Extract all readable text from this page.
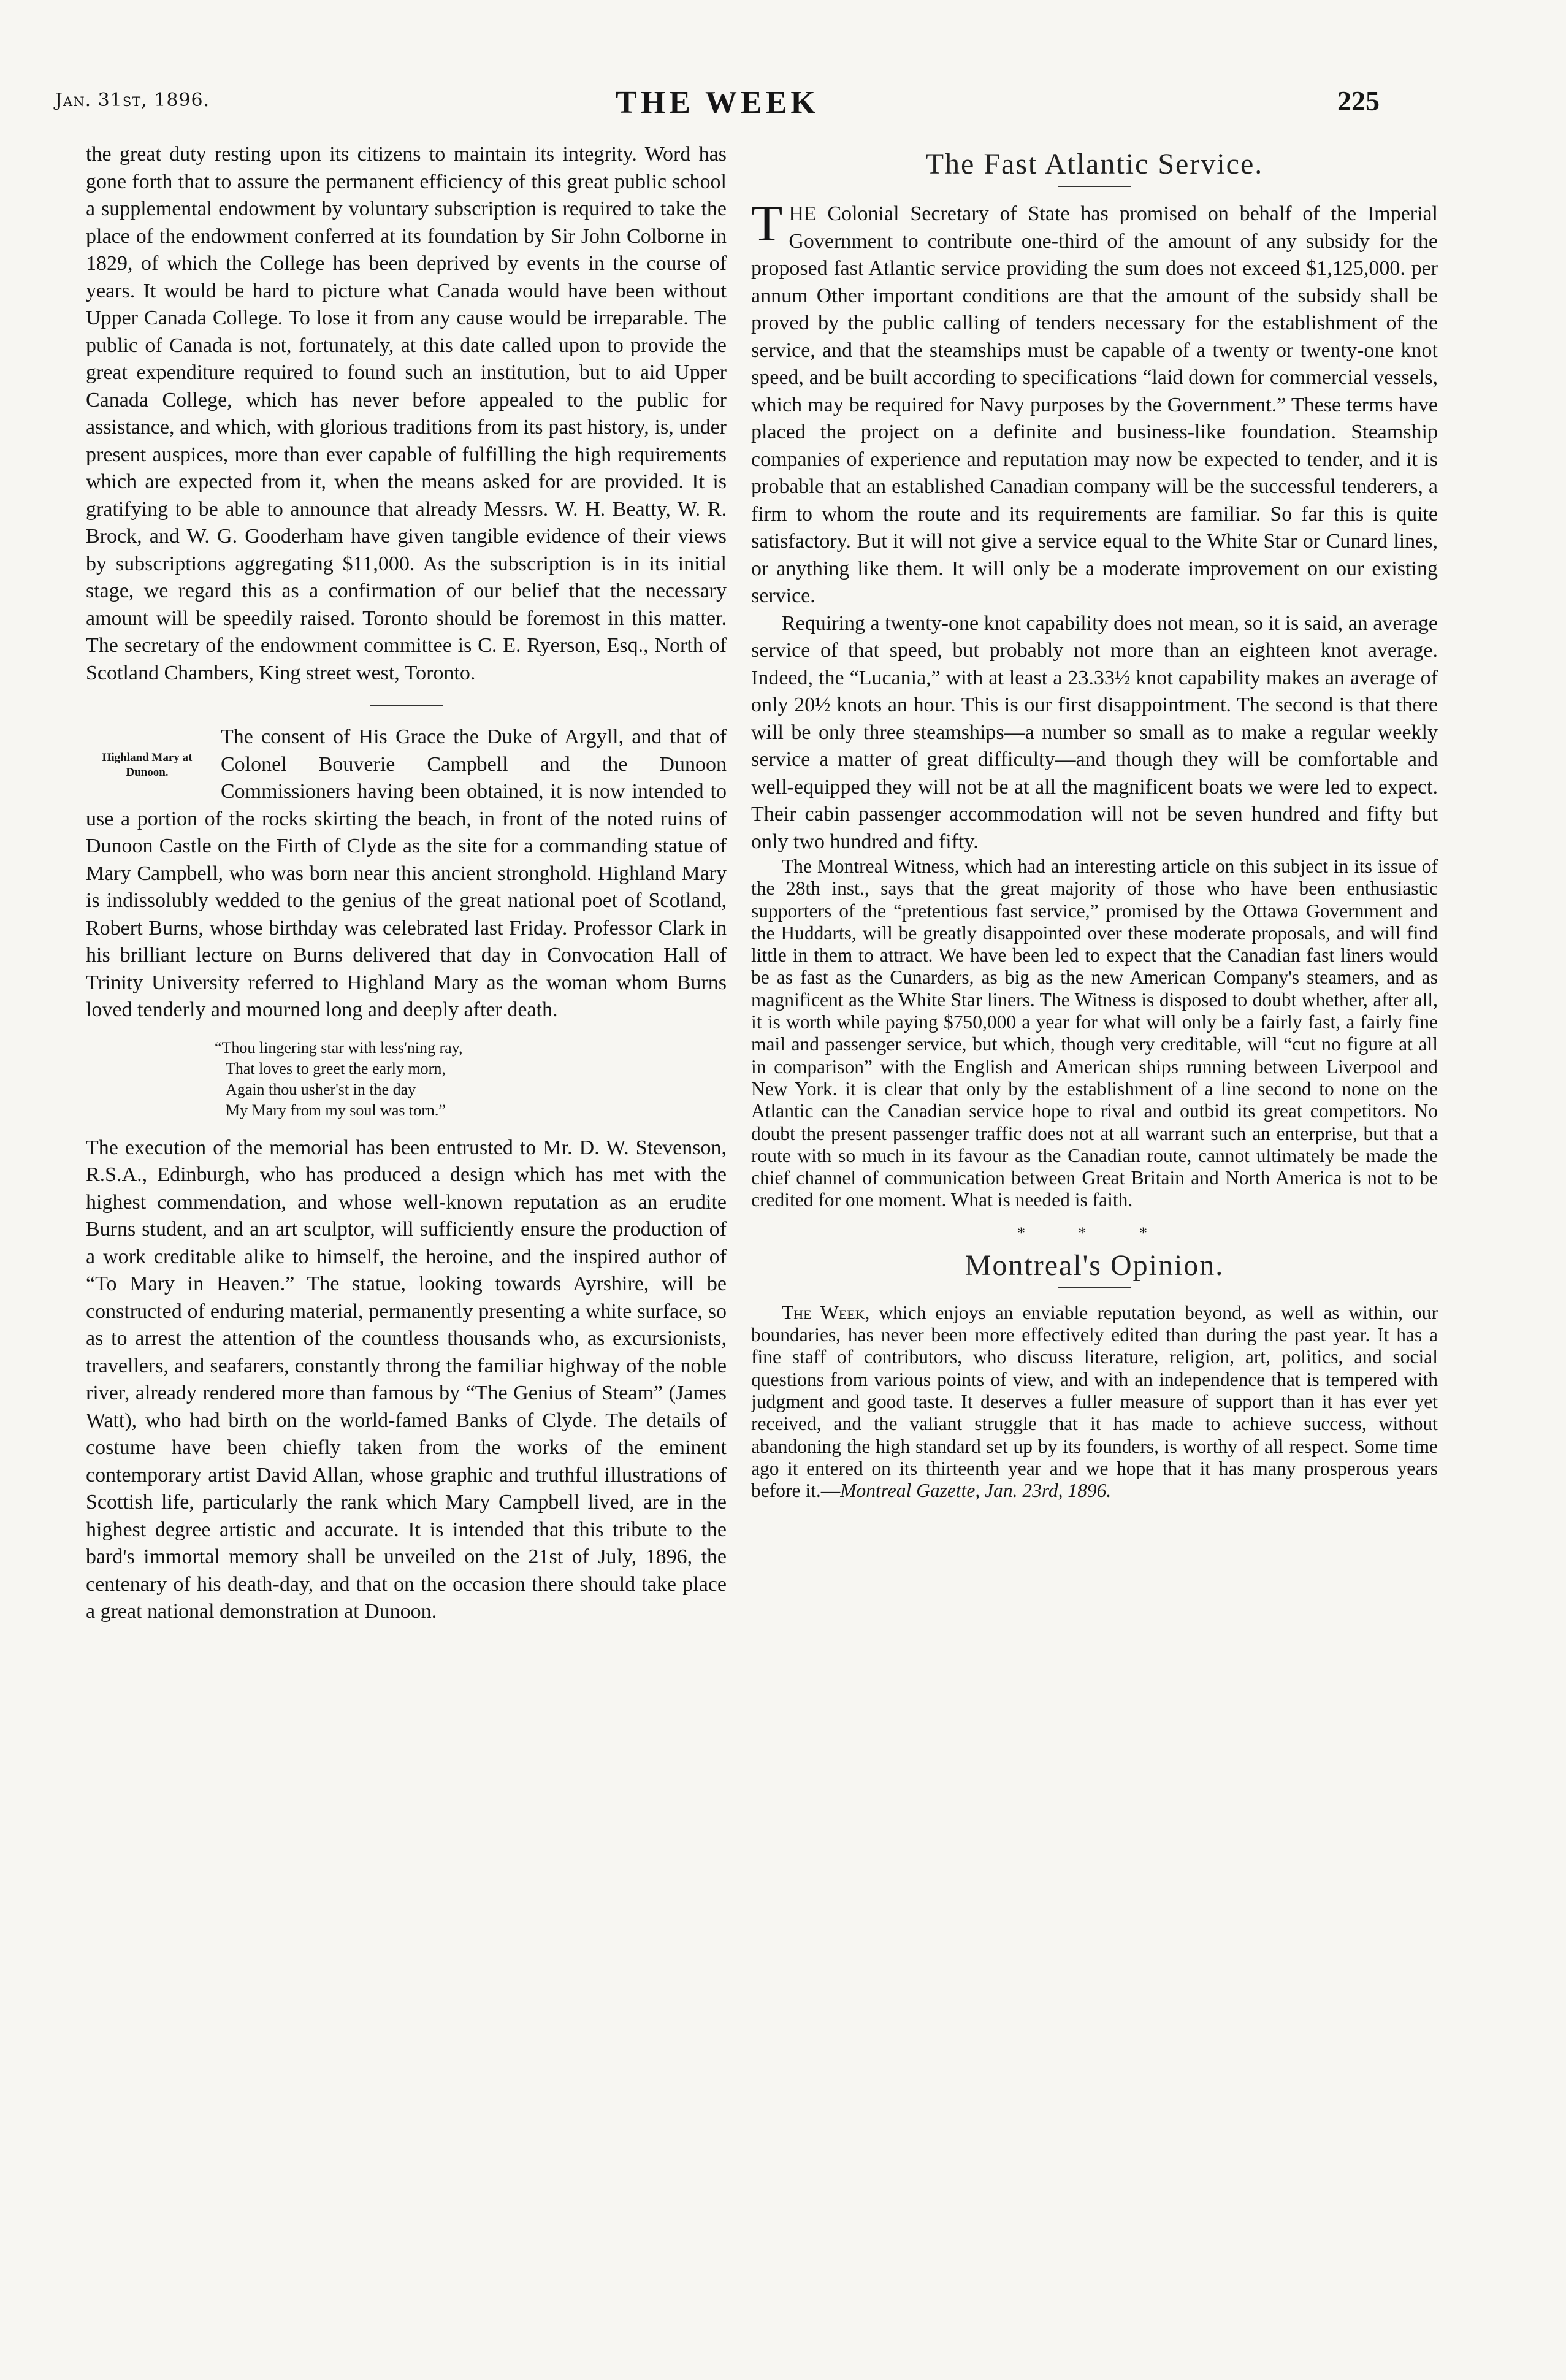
Jan. 31st, 1896.	THE WEEK	225

the great duty resting upon its citizens to maintain its integrity. Word has gone forth that to assure the permanent efficiency of this great public school a supplemental endowment by voluntary subscription is required to take the place of the endowment conferred at its foundation by Sir John Colborne in 1829, of which the College has been deprived by events in the course of years. It would be hard to picture what Canada would have been without Upper Canada College. To lose it from any cause would be irreparable. The public of Canada is not, fortunately, at this date called upon to provide the great expenditure required to found such an institution, but to aid Upper Canada College, which has never before appealed to the public for assistance, and which, with glorious traditions from its past history, is, under present auspices, more than ever capable of fulfilling the high requirements which are expected from it, when the means asked for are provided. It is gratifying to be able to announce that already Messrs. W. H. Beatty, W. R. Brock, and W. G. Gooderham have given tangible evidence of their views by subscriptions aggregating $11,000. As the subscription is in its initial stage, we regard this as a confirmation of our belief that the necessary amount will be speedily raised. Toronto should be foremost in this matter. The secretary of the endowment committee is C. E. Ryerson, Esq., North of Scotland Chambers, King street west, Toronto.

Highland Mary at Dunoon.

The consent of His Grace the Duke of Argyll, and that of Colonel Bouverie Campbell and the Dunoon Commissioners having been obtained, it is now intended to use a portion of the rocks skirting the beach, in front of the noted ruins of Dunoon Castle on the Firth of Clyde as the site for a commanding statue of Mary Campbell, who was born near this ancient stronghold. Highland Mary is indissolubly wedded to the genius of the great national poet of Scotland, Robert Burns, whose birthday was celebrated last Friday. Professor Clark in his brilliant lecture on Burns delivered that day in Convocation Hall of Trinity University referred to Highland Mary as the woman whom Burns loved tenderly and mourned long and deeply after death.

“Thou lingering star with less'ning ray,
That loves to greet the early morn,
Again thou usher'st in the day
My Mary from my soul was torn.”

The execution of the memorial has been entrusted to Mr. D. W. Stevenson, R.S.A., Edinburgh, who has produced a design which has met with the highest commendation, and whose well-known reputation as an erudite Burns student, and an art sculptor, will sufficiently ensure the production of a work creditable alike to himself, the heroine, and the inspired author of “To Mary in Heaven.” The statue, looking towards Ayrshire, will be constructed of enduring material, permanently presenting a white surface, so as to arrest the attention of the countless thousands who, as excursionists, travellers, and seafarers, constantly throng the familiar highway of the noble river, already rendered more than famous by “The Genius of Steam” (James Watt), who had birth on the world-famed Banks of Clyde. The details of costume have been chiefly taken from the works of the eminent contemporary artist David Allan, whose graphic and truthful illustrations of Scottish life, particularly the rank which Mary Campbell lived, are in the highest degree artistic and accurate. It is intended that this tribute to the bard's immortal memory shall be unveiled on the 21st of July, 1896, the centenary of his death-day, and that on the occasion there should take place a great national demonstration at Dunoon.

The Fast Atlantic Service.

THE Colonial Secretary of State has promised on behalf of the Imperial Government to contribute one-third of the amount of any subsidy for the proposed fast Atlantic service providing the sum does not exceed $1,125,000. per annum Other important conditions are that the amount of the subsidy shall be proved by the public calling of tenders necessary for the establishment of the service, and that the steamships must be capable of a twenty or twenty-one knot speed, and be built according to specifications “laid down for commercial vessels, which may be required for Navy purposes by the Government.” These terms have placed the project on a definite and business-like foundation. Steamship companies of experience and reputation may now be expected to tender, and it is probable that an established Canadian company will be the successful tenderers, a firm to whom the route and its requirements are familiar. So far this is quite satisfactory. But it will not give a service equal to the White Star or Cunard lines, or anything like them. It will only be a moderate improvement on our existing service.

Requiring a twenty-one knot capability does not mean, so it is said, an average service of that speed, but probably not more than an eighteen knot average. Indeed, the “Lucania,” with at least a 23.33½ knot capability makes an average of only 20½ knots an hour. This is our first disappointment. The second is that there will be only three steamships—a number so small as to make a regular weekly service a matter of great difficulty—and though they will be comfortable and well-equipped they will not be at all the magnificent boats we were led to expect. Their cabin passenger accommodation will not be seven hundred and fifty but only two hundred and fifty.

The Montreal Witness, which had an interesting article on this subject in its issue of the 28th inst., says that the great majority of those who have been enthusiastic supporters of the “pretentious fast service,” promised by the Ottawa Government and the Huddarts, will be greatly disappointed over these moderate proposals, and will find little in them to attract. We have been led to expect that the Canadian fast liners would be as fast as the Cunarders, as big as the new American Company's steamers, and as magnificent as the White Star liners. The Witness is disposed to doubt whether, after all, it is worth while paying $750,000 a year for what will only be a fairly fast, a fairly fine mail and passenger service, but which, though very creditable, will “cut no figure at all in comparison” with the English and American ships running between Liverpool and New York. it is clear that only by the establishment of a line second to none on the Atlantic can the Canadian service hope to rival and outbid its great competitors. No doubt the present passenger traffic does not at all warrant such an enterprise, but that a route with so much in its favour as the Canadian route, cannot ultimately be made the chief channel of communication between Great Britain and North America is not to be credited for one moment. What is needed is faith.

* * *
Montreal's Opinion.

The Week, which enjoys an enviable reputation beyond, as well as within, our boundaries, has never been more effectively edited than during the past year. It has a fine staff of contributors, who discuss literature, religion, art, politics, and social questions from various points of view, and with an independence that is tempered with judgment and good taste. It deserves a fuller measure of support than it has ever yet received, and the valiant struggle that it has made to achieve success, without abandoning the high standard set up by its founders, is worthy of all respect. Some time ago it entered on its thirteenth year and we hope that it has many prosperous years before it.—Montreal Gazette, Jan. 23rd, 1896.
